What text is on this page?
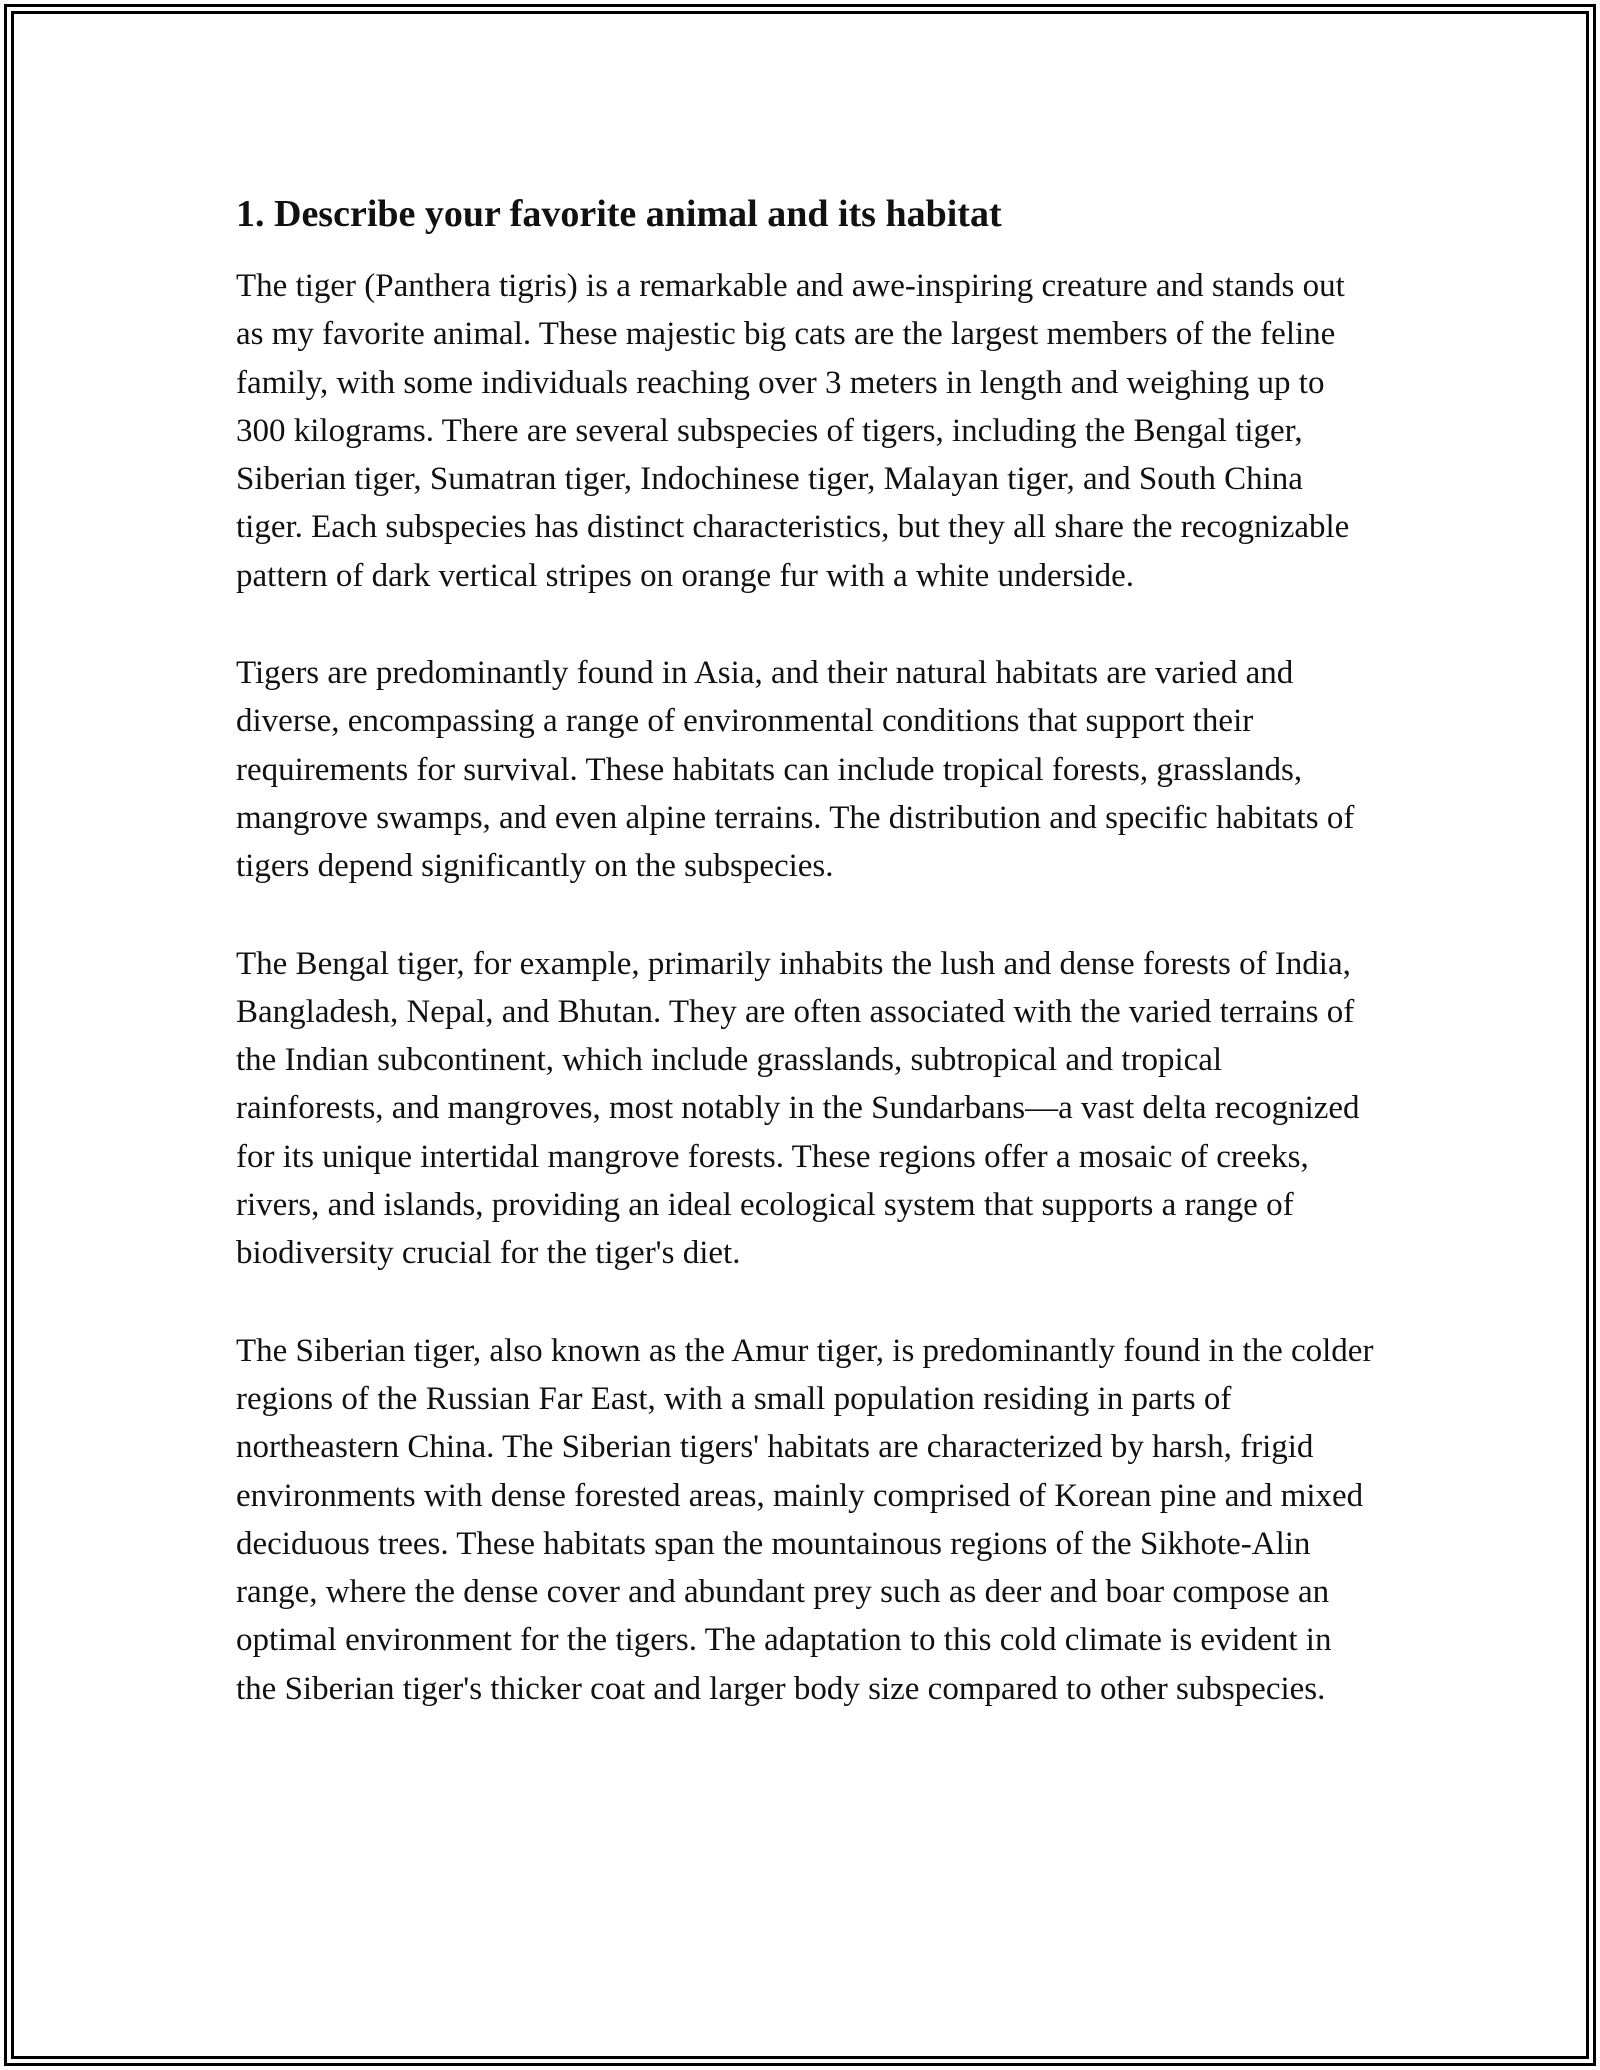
1. Describe your favorite animal and its habitat

The tiger (Panthera tigris) is a remarkable and awe-inspiring creature and stands out as my favorite animal. These majestic big cats are the largest members of the feline family, with some individuals reaching over 3 meters in length and weighing up to 300 kilograms. There are several subspecies of tigers, including the Bengal tiger, Siberian tiger, Sumatran tiger, Indochinese tiger, Malayan tiger, and South China tiger. Each subspecies has distinct characteristics, but they all share the recognizable pattern of dark vertical stripes on orange fur with a white underside.

Tigers are predominantly found in Asia, and their natural habitats are varied and diverse, encompassing a range of environmental conditions that support their requirements for survival. These habitats can include tropical forests, grasslands, mangrove swamps, and even alpine terrains. The distribution and specific habitats of tigers depend significantly on the subspecies.

The Bengal tiger, for example, primarily inhabits the lush and dense forests of India, Bangladesh, Nepal, and Bhutan. They are often associated with the varied terrains of the Indian subcontinent, which include grasslands, subtropical and tropical rainforests, and mangroves, most notably in the Sundarbans—a vast delta recognized for its unique intertidal mangrove forests. These regions offer a mosaic of creeks, rivers, and islands, providing an ideal ecological system that supports a range of biodiversity crucial for the tiger's diet.

The Siberian tiger, also known as the Amur tiger, is predominantly found in the colder regions of the Russian Far East, with a small population residing in parts of northeastern China. The Siberian tigers' habitats are characterized by harsh, frigid environments with dense forested areas, mainly comprised of Korean pine and mixed deciduous trees. These habitats span the mountainous regions of the Sikhote-Alin range, where the dense cover and abundant prey such as deer and boar compose an optimal environment for the tigers. The adaptation to this cold climate is evident in the Siberian tiger's thicker coat and larger body size compared to other subspecies.
